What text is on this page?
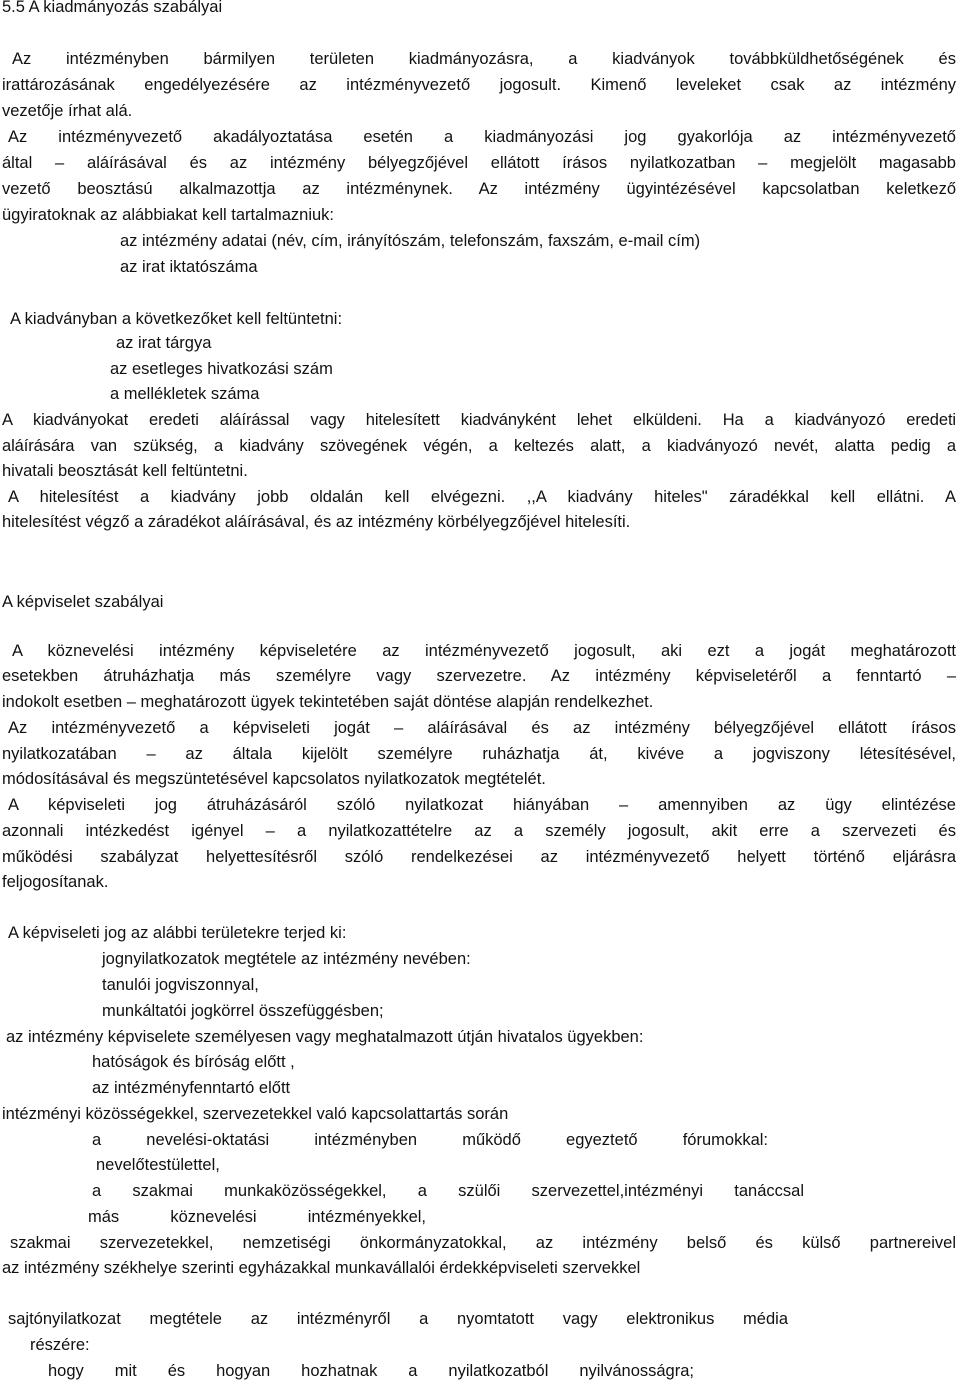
5.5 A kiadmányozás szabályai
Az intézményben bármilyen területen kiadmányozásra, a kiadványok továbbküldhetőségének és
irattározásának engedélyezésére az intézményvezető jogosult. Kimenő leveleket csak az intézmény
vezetője írhat alá.
Az intézményvezető akadályoztatása esetén a kiadmányozási jog gyakorlója az intézményvezető
által – aláírásával és az intézmény bélyegzőjével ellátott írásos nyilatkozatban – megjelölt magasabb
vezető beosztású alkalmazottja az intézménynek. Az intézmény ügyintézésével kapcsolatban keletkező
ügyiratoknak az alábbiakat kell tartalmazniuk:
az intézmény adatai (név, cím, irányítószám, telefonszám, faxszám, e-mail cím)
az irat iktatószáma
A kiadványban a következőket kell feltüntetni:
az irat tárgya
az esetleges hivatkozási szám
a mellékletek száma
A kiadványokat eredeti aláírással vagy hitelesített kiadványként lehet elküldeni. Ha a kiadványozó eredeti
aláírására van szükség, a kiadvány szövegének végén, a keltezés alatt, a kiadványozó nevét, alatta pedig a
hivatali beosztását kell feltüntetni.
A hitelesítést a kiadvány jobb oldalán kell elvégezni. ,,A kiadvány hiteles" záradékkal kell ellátni. A
hitelesítést végző a záradékot aláírásával, és az intézmény körbélyegzőjével hitelesíti.
A képviselet szabályai
A köznevelési intézmény képviseletére az intézményvezető jogosult, aki ezt a jogát meghatározott
esetekben átruházhatja más személyre vagy szervezetre. Az intézmény képviseletéről a fenntartó –
indokolt esetben – meghatározott ügyek tekintetében saját döntése alapján rendelkezhet.
Az intézményvezető a képviseleti jogát – aláírásával és az intézmény bélyegzőjével ellátott írásos
nyilatkozatában – az általa kijelölt személyre ruházhatja át, kivéve a jogviszony létesítésével,
módosításával és megszüntetésével kapcsolatos nyilatkozatok megtételét.
A képviseleti jog átruházásáról szóló nyilatkozat hiányában – amennyiben az ügy elintézése
azonnali intézkedést igényel – a nyilatkozattételre az a személy jogosult, akit erre a szervezeti és
működési szabályzat helyettesítésről szóló rendelkezései az intézményvezető helyett történő eljárásra
feljogosítanak.
A képviseleti jog az alábbi területekre terjed ki:
jognyilatkozatok megtétele az intézmény nevében:
tanulói jogviszonnyal,
munkáltatói jogkörrel összefüggésben;
az intézmény képviselete személyesen vagy meghatalmazott útján hivatalos ügyekben:
hatóságok és bíróság előtt ,
az intézményfenntartó előtt
intézményi közösségekkel, szervezetekkel való kapcsolattartás során
a nevelési-oktatási intézményben működő egyeztető fórumokkal:
nevelőtestülettel,
a szakmai munkaközösségekkel, a szülői szervezettel,intézményi tanáccsal
más köznevelési intézményekkel,
szakmai szervezetekkel, nemzetiségi önkormányzatokkal, az intézmény belső és külső partnereivel
az intézmény székhelye szerinti egyházakkal munkavállalói érdekképviseleti szervekkel
sajtónyilatkozat megtétele az intézményről a nyomtatott vagy elektronikus média
részére:
hogy mit és hogyan hozhatnak a nyilatkozatból nyilvánosságra;
